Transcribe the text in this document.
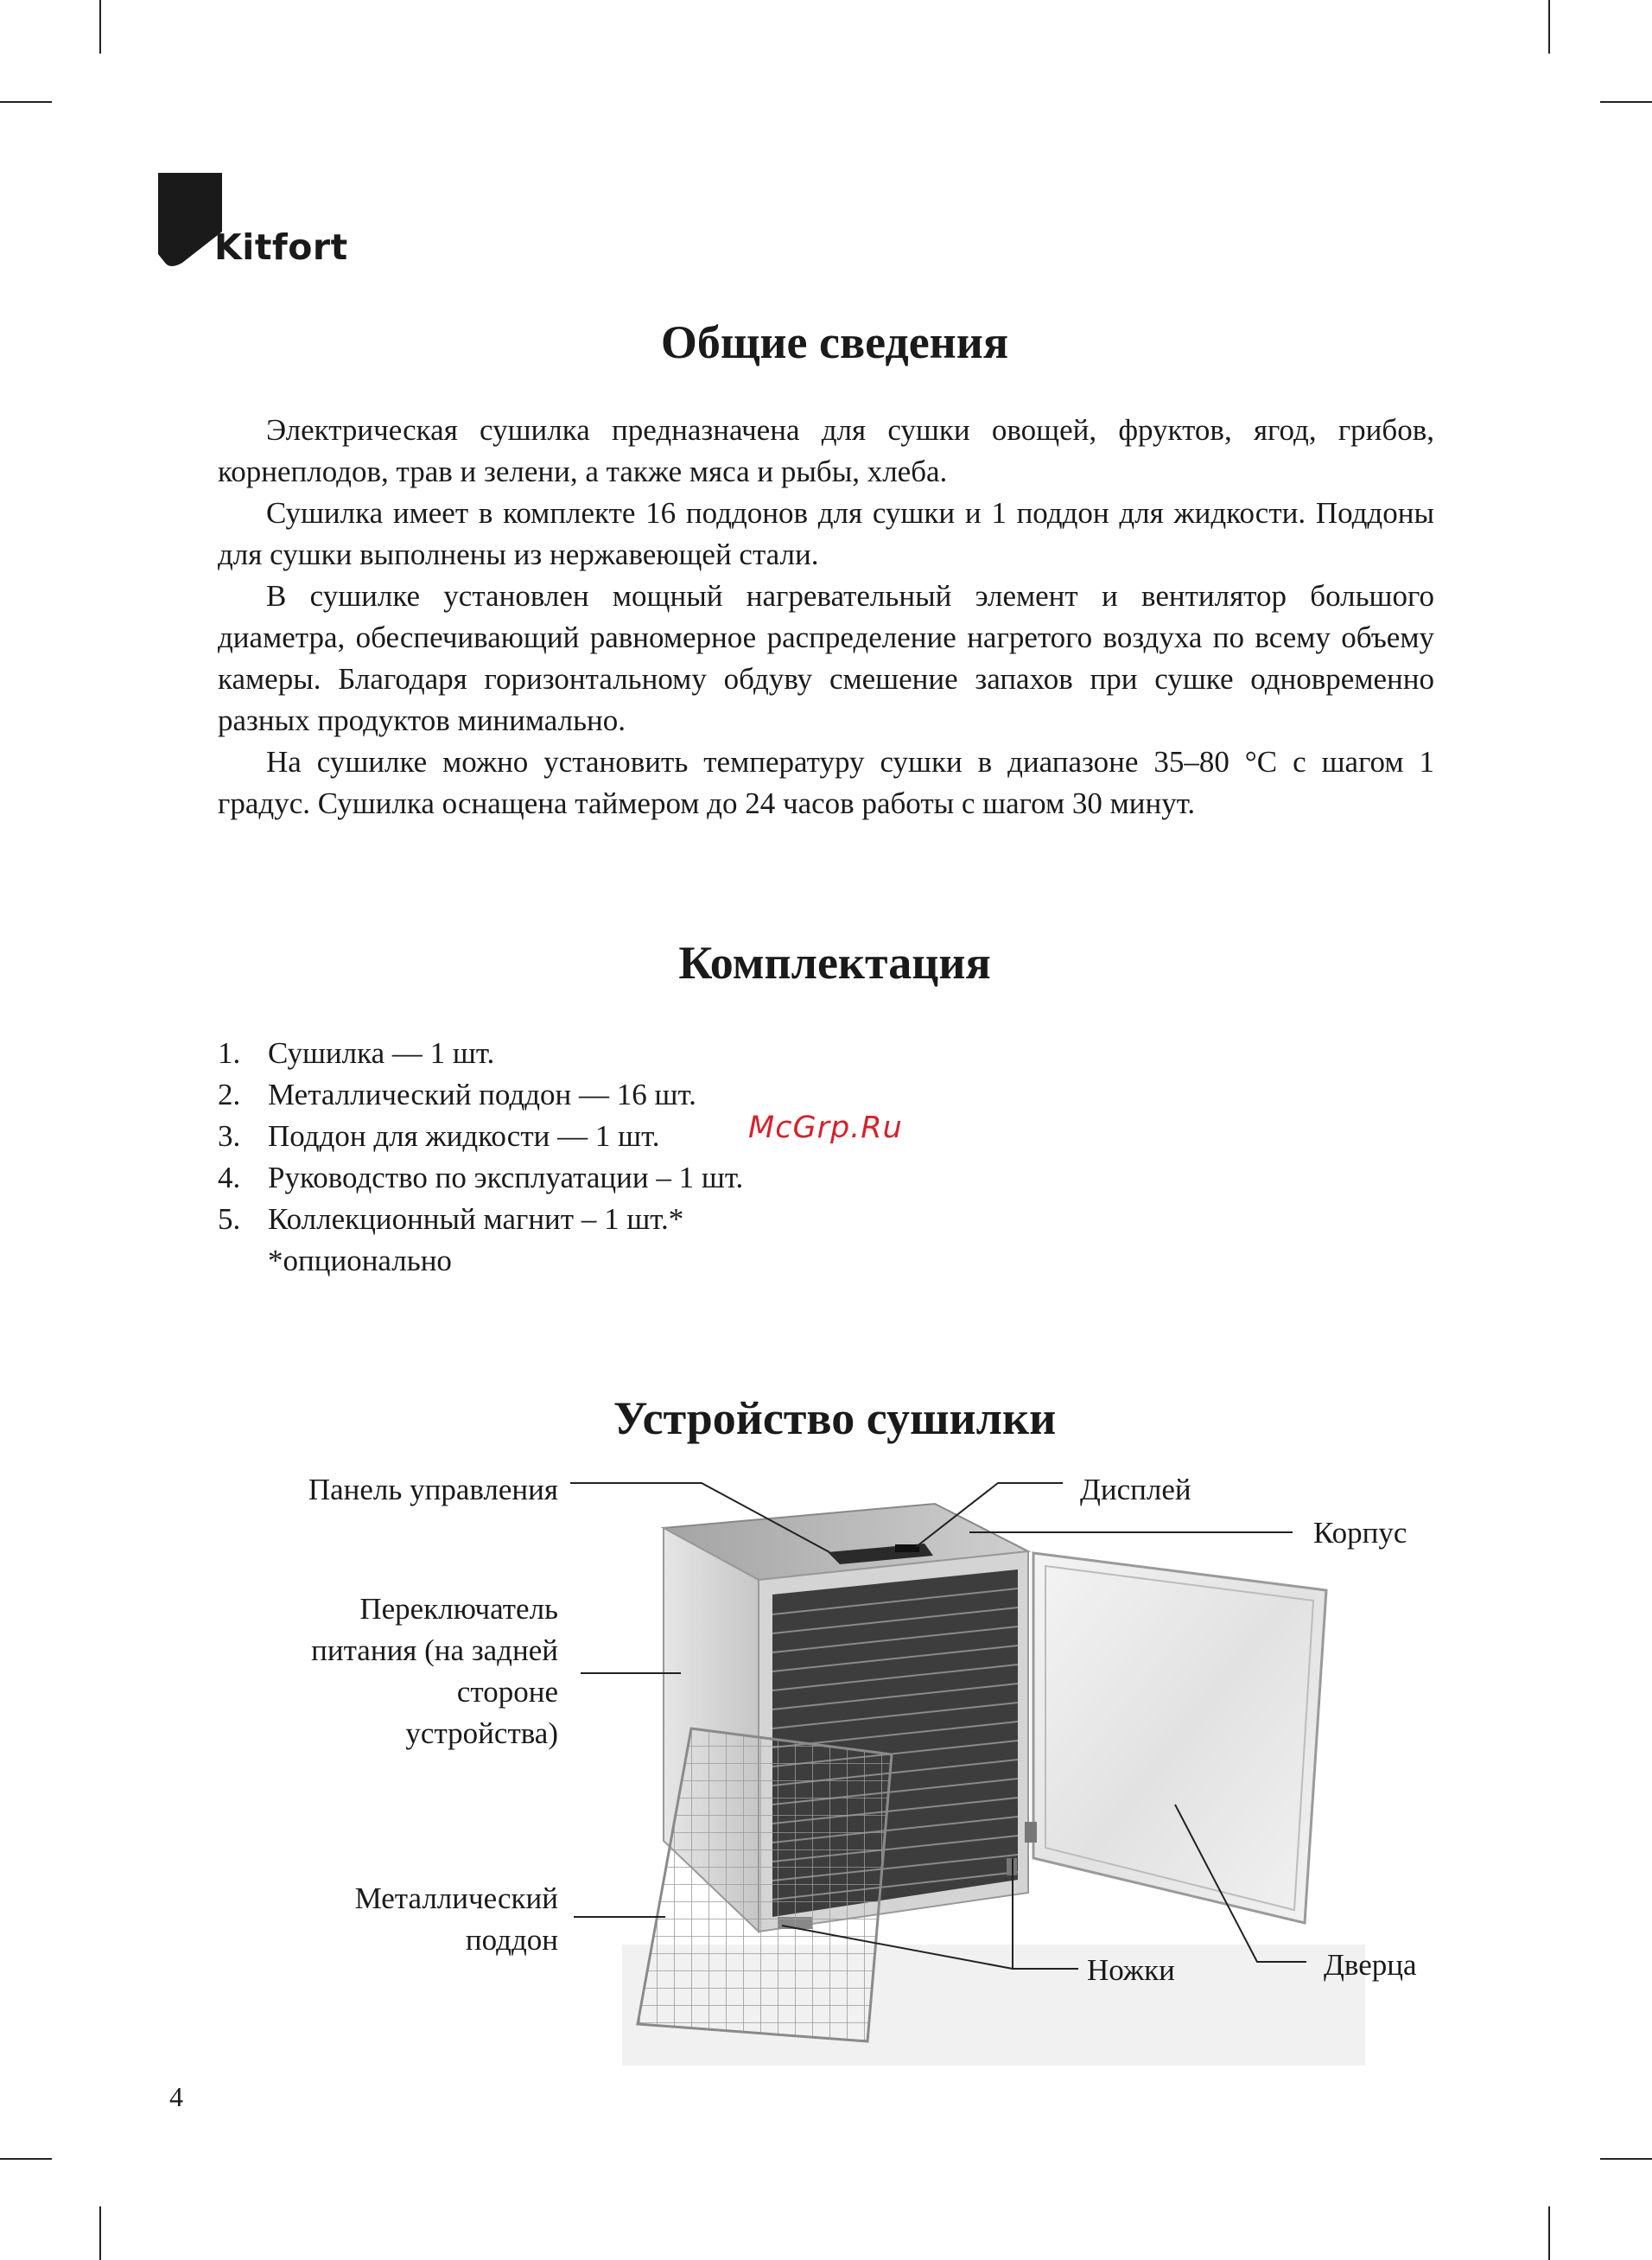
Kitfort
Общие сведения

Электрическая сушилка предназначена для сушки овощей, фруктов, ягод, грибов, корнеплодов, трав и зелени, а также мяса и рыбы, хлеба.

Сушилка имеет в комплекте 16 поддонов для сушки и 1 поддон для жидкости. Поддоны для сушки выполнены из нержавеющей стали.

В сушилке установлен мощный нагревательный элемент и вентилятор большого диаметра, обеспечивающий равномерное распределение нагретого воздуха по всему объему камеры. Благодаря горизонтальному обдуву смешение запахов при сушке одновременно разных продуктов минимально.

На сушилке можно установить температуру сушки в диапазоне 35–80 °С с шагом 1 градус. Сушилка оснащена таймером до 24 часов работы с шагом 30 минут.

Комплектация
1. Сушилка — 1 шт.
2. Металлический поддон — 16 шт.
3. Поддон для жидкости — 1 шт.
4. Руководство по эксплуатации – 1 шт.
5. Коллекционный магнит – 1 шт.*
*опционально
McGrp.Ru
Устройство сушилки
Панель управления
Переключатель
питания (на задней
стороне
устройства)
Металлический
поддон
Дисплей
Корпус
Ножки	Дверца
4
